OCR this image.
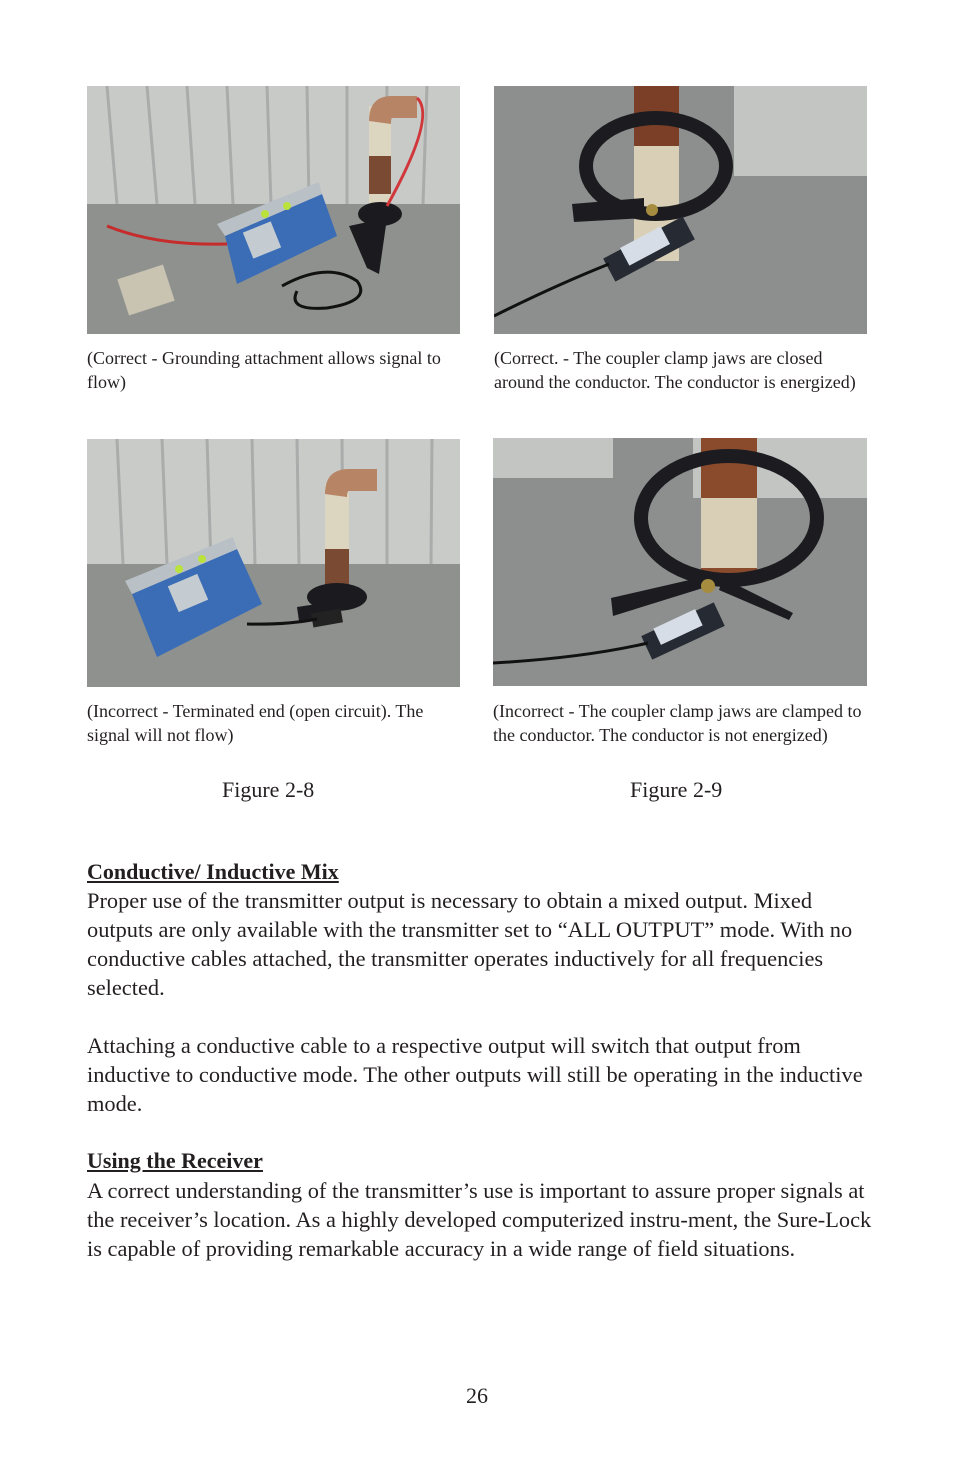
(Correct - Grounding attachment allows signal to flow)
(Correct. - The coupler clamp jaws are closed around the conductor. The conductor is energized)
(Incorrect - Terminated end (open circuit). The signal will not flow)
(Incorrect - The coupler clamp jaws are clamped to the conductor. The conductor is not energized)
Figure 2-8	Figure 2-9
Conductive/ Inductive Mix

Proper use of the transmitter output is necessary to obtain a mixed output. Mixed outputs are only available with the transmitter set to “ALL OUTPUT” mode. With no conductive cables attached, the transmitter operates inductively for all frequencies selected.

Attaching a conductive cable to a respective output will switch that output from inductive to conductive mode. The other outputs will still be operating in the inductive mode.

Using the Receiver

A correct understanding of the transmitter’s use is important to assure proper signals at the receiver’s location. As a highly developed computerized instru-ment, the Sure-Lock is capable of providing remarkable accuracy in a wide range of field situations.

26
